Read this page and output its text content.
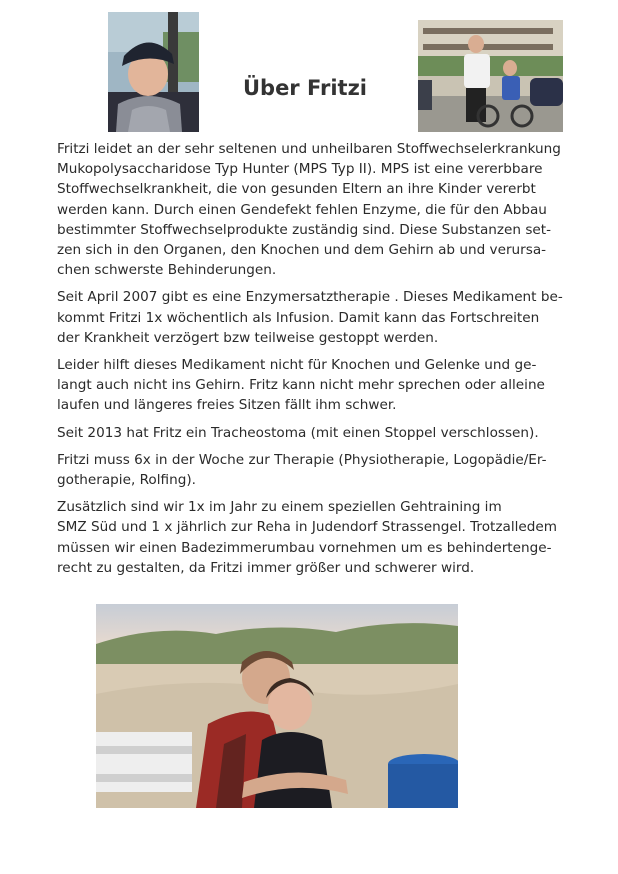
Über Fritzi

Fritzi leidet an der sehr seltenen und unheilbaren Stoffwechselerkrankung
Mukopolysaccharidose Typ Hunter (MPS Typ II). MPS ist eine vererbbare
Stoffwechselkrankheit, die von gesunden Eltern an ihre Kinder vererbt
werden kann. Durch einen Gendefekt fehlen Enzyme, die für den Abbau
bestimmter Stoffwechselprodukte zuständig sind. Diese Substanzen set-
zen sich in den Organen, den Knochen und dem Gehirn ab und verursa-
chen schwerste Behinderungen.

Seit April 2007 gibt es eine Enzymersatztherapie . Dieses Medikament be-
kommt Fritzi 1x wöchentlich als Infusion. Damit kann das Fortschreiten
der Krankheit verzögert bzw teilweise gestoppt werden.

Leider hilft dieses Medikament nicht für Knochen und Gelenke und ge-
langt auch nicht ins Gehirn. Fritz kann nicht mehr sprechen oder alleine
laufen und längeres freies Sitzen fällt ihm schwer.

Seit 2013 hat Fritz ein Tracheostoma (mit einen Stoppel verschlossen).

Fritzi muss 6x in der Woche zur Therapie (Physiotherapie, Logopädie/Er-
gotherapie, Rolfing).

Zusätzlich sind wir 1x im Jahr zu einem speziellen Gehtraining im
SMZ Süd und 1 x jährlich zur Reha in Judendorf Strassengel. Trotzalledem
müssen wir einen Badezimmerumbau vornehmen um es behindertenge-
recht zu gestalten, da Fritzi immer größer und schwerer wird.
